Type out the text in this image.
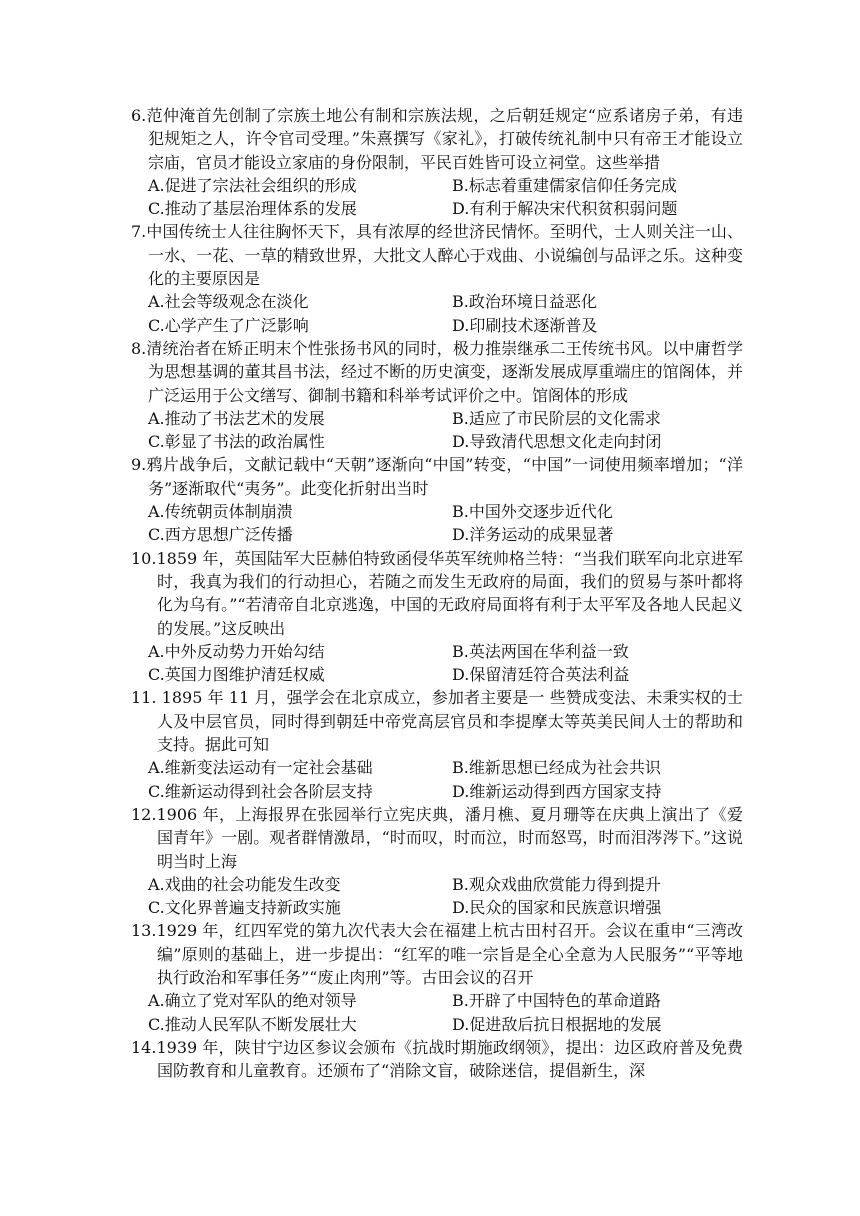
6.范仲淹首先创制了宗族土地公有制和宗族法规，之后朝廷规定“应系诸房子弟，有违犯规矩之人，许令官司受理。”朱熹撰写《家礼》，打破传统礼制中只有帝王才能设立宗庙，官员才能设立家庙的身份限制，平民百姓皆可设立祠堂。这些举措
A.促进了宗法社会组织的形成	B.标志着重建儒家信仰任务完成
C.推动了基层治理体系的发展	D.有利于解决宋代积贫积弱问题
7.中国传统士人往往胸怀天下，具有浓厚的经世济民情怀。至明代，士人则关注一山、一水、一花、一草的精致世界，大批文人醉心于戏曲、小说编创与品评之乐。这种变化的主要原因是
A.社会等级观念在淡化	B.政治环境日益恶化
C.心学产生了广泛影响	D.印刷技术逐渐普及
8.清统治者在矫正明末个性张扬书风的同时，极力推崇继承二王传统书风。以中庸哲学为思想基调的董其昌书法，经过不断的历史演变，逐渐发展成厚重端庄的馆阁体，并广泛运用于公文缮写、御制书籍和科举考试评价之中。馆阁体的形成
A.推动了书法艺术的发展	B.适应了市民阶层的文化需求
C.彰显了书法的政治属性	D.导致清代思想文化走向封闭
9.鸦片战争后，文献记载中“天朝”逐渐向“中国”转变，“中国”一词使用频率增加；“洋务”逐渐取代“夷务”。此变化折射出当时
A.传统朝贡体制崩溃	B.中国外交逐步近代化
C.西方思想广泛传播	D.洋务运动的成果显著
10.1859 年，英国陆军大臣赫伯特致函侵华英军统帅格兰特：“当我们联军向北京进军时，我真为我们的行动担心，若随之而发生无政府的局面，我们的贸易与茶叶都将化为乌有。”“若清帝自北京逃逸，中国的无政府局面将有利于太平军及各地人民起义的发展。”这反映出
A.中外反动势力开始勾结	B.英法两国在华利益一致
C.英国力图维护清廷权威	D.保留清廷符合英法利益
11. 1895 年 11 月，强学会在北京成立，参加者主要是一 些赞成变法、未秉实权的士人及中层官员，同时得到朝廷中帝党高层官员和李提摩太等英美民间人士的帮助和支持。据此可知
A.维新变法运动有一定社会基础	B.维新思想已经成为社会共识
C.维新运动得到社会各阶层支持	D.维新运动得到西方国家支持
12.1906 年，上海报界在张园举行立宪庆典，潘月樵、夏月珊等在庆典上演出了《爱国青年》一剧。观者群情激昂，“时而叹，时而泣，时而怒骂，时而泪涔涔下。”这说明当时上海
A.戏曲的社会功能发生改变	B.观众戏曲欣赏能力得到提升
C.文化界普遍支持新政实施	D.民众的国家和民族意识增强
13.1929 年，红四军党的第九次代表大会在福建上杭古田村召开。会议在重申“三湾改编”原则的基础上，进一步提出：“红军的唯一宗旨是全心全意为人民服务”“平等地执行政治和军事任务”“废止肉刑”等。古田会议的召开
A.确立了党对军队的绝对领导	B.开辟了中国特色的革命道路
C.推动人民军队不断发展壮大	D.促进敌后抗日根据地的发展
14.1939 年，陕甘宁边区参议会颁布《抗战时期施政纲领》，提出：边区政府普及免费国防教育和儿童教育。还颁布了“消除文盲，破除迷信，提倡新生，深
